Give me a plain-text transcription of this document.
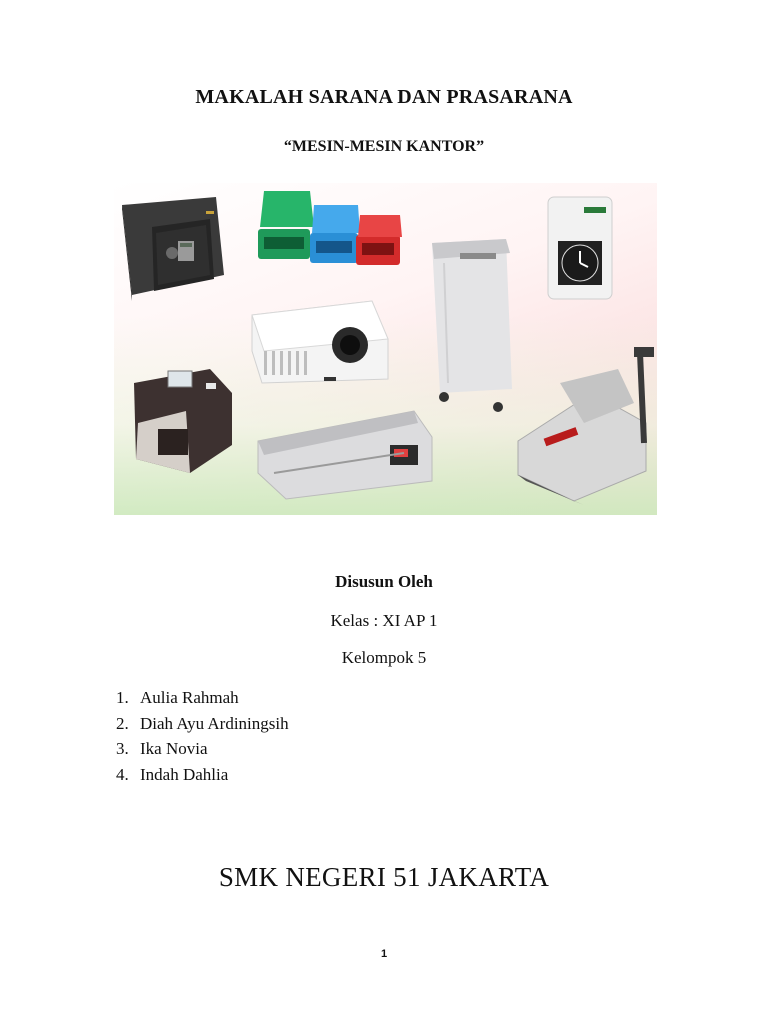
MAKALAH SARANA DAN PRASARANA
“MESIN-MESIN KANTOR”
Disusun Oleh
Kelas : XI AP 1
Kelompok 5
1. Aulia Rahmah
2. Diah Ayu Ardiningsih
3. Ika Novia
4. Indah Dahlia
SMK NEGERI 51 JAKARTA
1
